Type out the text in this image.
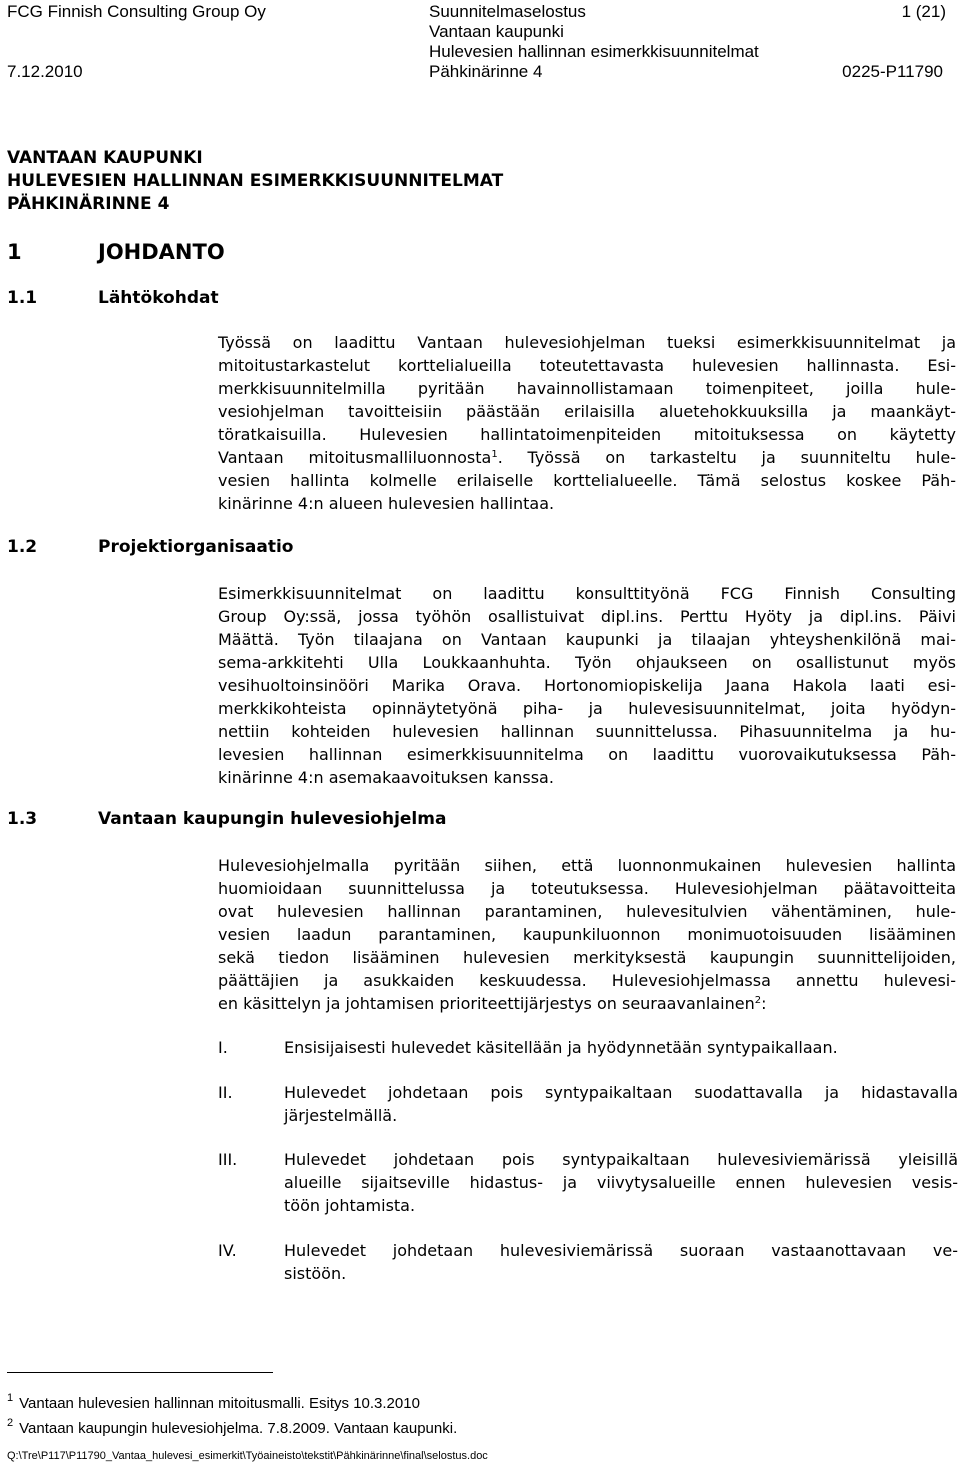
FCG Finnish Consulting Group Oy
7.12.2010
Suunnitelmaselostus
Vantaan kaupunki
Hulevesien hallinnan esimerkkisuunnitelmat
Pähkinärinne 4
1 (21)
0225-P11790
VANTAAN KAUPUNKI
HULEVESIEN HALLINNAN ESIMERKKISUUNNITELMAT
PÄHKINÄRINNE 4
1	JOHDANTO
1.1	Lähtökohdat
Työssä on laadittu Vantaan hulevesiohjelman tueksi esimerkkisuunnitelmat ja
mitoitustarkastelut korttelialueilla toteutettavasta hulevesien hallinnasta. Esi-
merkkisuunnitelmilla pyritään havainnollistamaan toimenpiteet, joilla hule-
vesiohjelman tavoitteisiin päästään erilaisilla aluetehokkuuksilla ja maankäyt-
töratkaisuilla. Hulevesien hallintatoimenpiteiden mitoituksessa on käytetty
Vantaan mitoitusmalliluonnosta$^1$. Työssä on tarkasteltu ja suunniteltu hule-
vesien hallinta kolmelle erilaiselle korttelialueelle. Tämä selostus koskee Päh-
kinärinne 4:n alueen hulevesien hallintaa.
1.2	Projektiorganisaatio
Esimerkkisuunnitelmat on laadittu konsulttityönä FCG Finnish Consulting
Group Oy:ssä, jossa työhön osallistuivat dipl.ins. Perttu Hyöty ja dipl.ins. Päivi
Määttä. Työn tilaajana on Vantaan kaupunki ja tilaajan yhteyshenkilönä mai-
sema-arkkitehti Ulla Loukkaanhuhta. Työn ohjaukseen on osallistunut myös
vesihuoltoinsinööri Marika Orava. Hortonomiopiskelija Jaana Hakola laati esi-
merkkikohteista opinnäytetyönä piha- ja hulevesisuunnitelmat, joita hyödyn-
nettiin kohteiden hulevesien hallinnan suunnittelussa. Pihasuunnitelma ja hu-
levesien hallinnan esimerkkisuunnitelma on laadittu vuorovaikutuksessa Päh-
kinärinne 4:n asemakaavoituksen kanssa.
1.3	Vantaan kaupungin hulevesiohjelma
Hulevesiohjelmalla pyritään siihen, että luonnonmukainen hulevesien hallinta
huomioidaan suunnittelussa ja toteutuksessa. Hulevesiohjelman päätavoitteita
ovat hulevesien hallinnan parantaminen, hulevesitulvien vähentäminen, hule-
vesien laadun parantaminen, kaupunkiluonnon monimuotoisuuden lisääminen
sekä tiedon lisääminen hulevesien merkityksestä kaupungin suunnittelijoiden,
päättäjien ja asukkaiden keskuudessa. Hulevesiohjelmassa annettu hulevesi-
en käsittelyn ja johtamisen prioriteettijärjestys on seuraavanlainen$^2$:
I.	Ensisijaisesti hulevedet käsitellään ja hyödynnetään syntypaikallaan.
II.	Hulevedet johdetaan pois syntypaikaltaan suodattavalla ja hidastavalla
järjestelmällä.
III.	Hulevedet johdetaan pois syntypaikaltaan hulevesiviemärissä yleisillä
alueille sijaitseville hidastus- ja viivytysalueille ennen hulevesien vesis-
töön johtamista.
IV.	Hulevedet johdetaan hulevesiviemärissä suoraan vastaanottavaan ve-
sistöön.
$^1$ Vantaan hulevesien hallinnan mitoitusmalli. Esitys 10.3.2010
$^2$ Vantaan kaupungin hulevesiohjelma. 7.8.2009. Vantaan kaupunki.
Q:\Tre\P117\P11790_Vantaa_hulevesi_esimerkit\Työaineisto\tekstit\Pähkinärinne\final\selostus.doc
